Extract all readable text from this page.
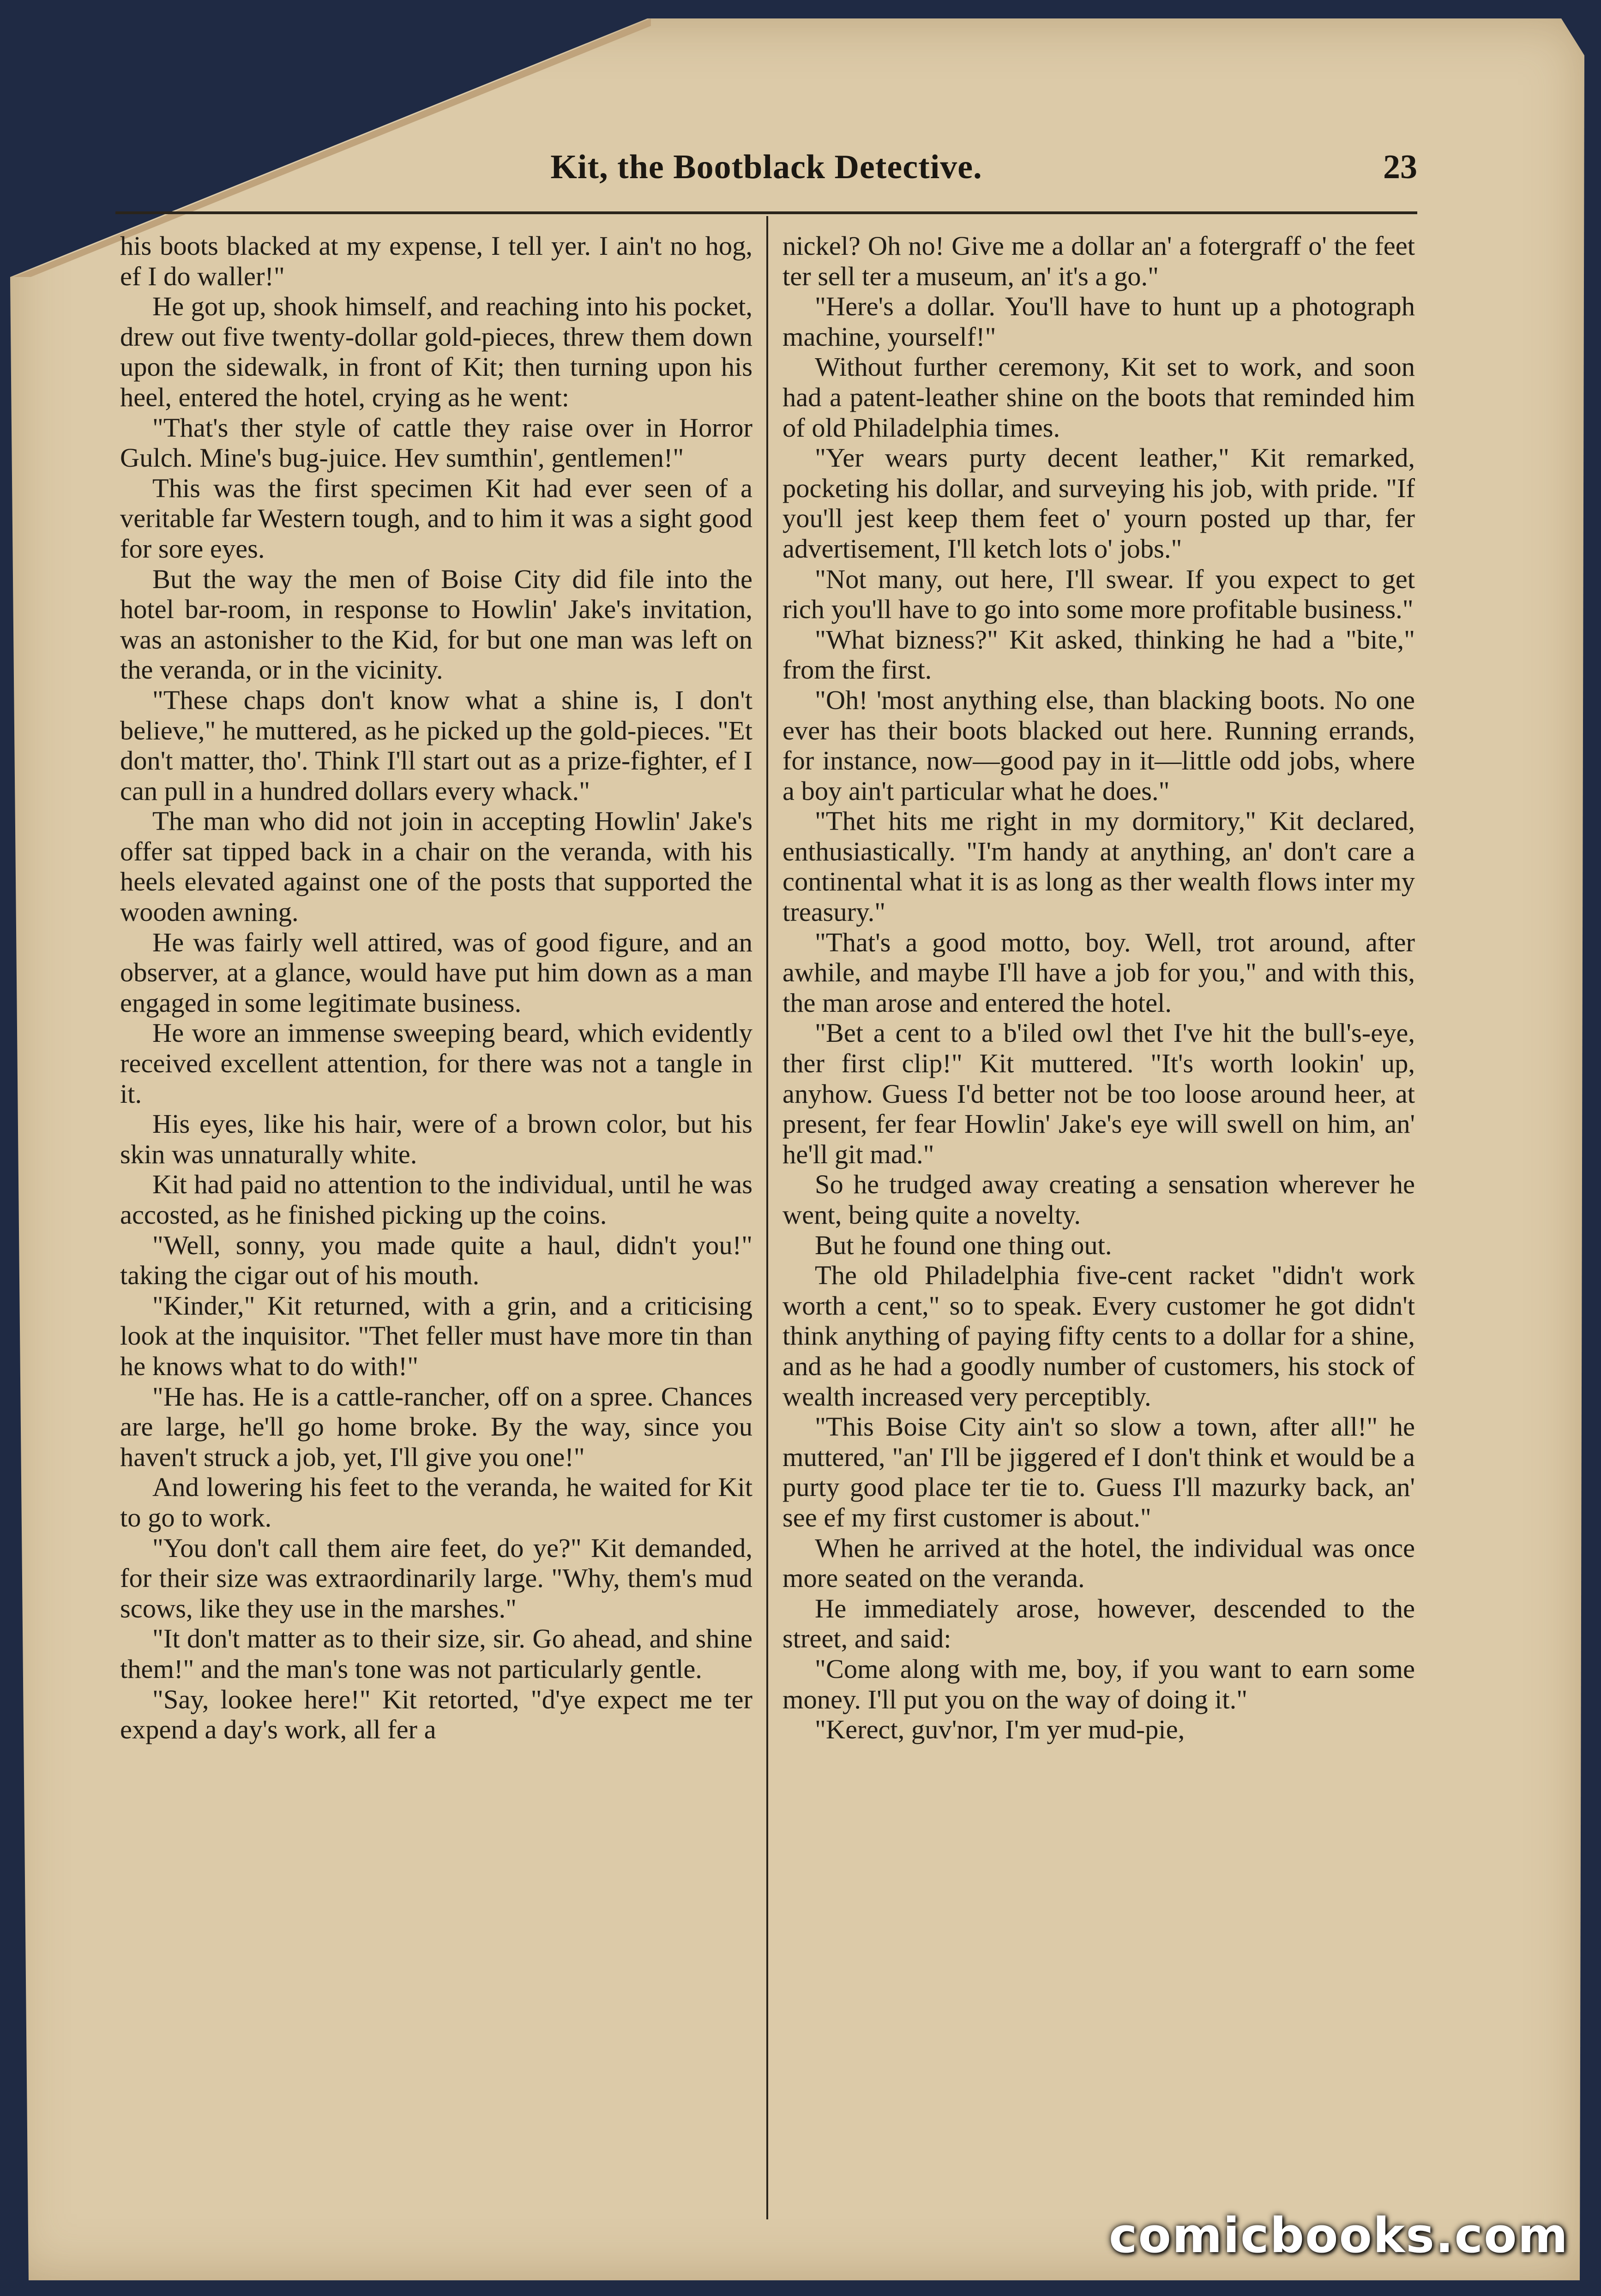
Kit, the Bootblack Detective.	23

his boots blacked at my expense, I tell yer. I ain't no hog, ef I do waller!"

He got up, shook himself, and reaching into his pocket, drew out five twenty-dollar gold-pieces, threw them down upon the sidewalk, in front of Kit; then turning upon his heel, entered the hotel, crying as he went:

"That's ther style of cattle they raise over in Horror Gulch. Mine's bug-juice. Hev sumthin', gentlemen!"

This was the first specimen Kit had ever seen of a veritable far Western tough, and to him it was a sight good for sore eyes.

But the way the men of Boise City did file into the hotel bar-room, in response to Howlin' Jake's invitation, was an astonisher to the Kid, for but one man was left on the veranda, or in the vicinity.

"These chaps don't know what a shine is, I don't believe," he muttered, as he picked up the gold-pieces. "Et don't matter, tho'. Think I'll start out as a prize-fighter, ef I can pull in a hundred dollars every whack."

The man who did not join in accepting Howlin' Jake's offer sat tipped back in a chair on the veranda, with his heels elevated against one of the posts that supported the wooden awning.

He was fairly well attired, was of good figure, and an observer, at a glance, would have put him down as a man engaged in some legitimate business.

He wore an immense sweeping beard, which evidently received excellent attention, for there was not a tangle in it.

His eyes, like his hair, were of a brown color, but his skin was unnaturally white.

Kit had paid no attention to the individual, until he was accosted, as he finished picking up the coins.

"Well, sonny, you made quite a haul, didn't you!" taking the cigar out of his mouth.

"Kinder," Kit returned, with a grin, and a criticising look at the inquisitor. "Thet feller must have more tin than he knows what to do with!"

"He has. He is a cattle-rancher, off on a spree. Chances are large, he'll go home broke. By the way, since you haven't struck a job, yet, I'll give you one!"

And lowering his feet to the veranda, he waited for Kit to go to work.

"You don't call them aire feet, do ye?" Kit demanded, for their size was extraordinarily large. "Why, them's mud scows, like they use in the marshes."

"It don't matter as to their size, sir. Go ahead, and shine them!" and the man's tone was not particularly gentle.

"Say, lookee here!" Kit retorted, "d'ye expect me ter expend a day's work, all fer a

nickel? Oh no! Give me a dollar an' a fotergraff o' the feet ter sell ter a museum, an' it's a go."

"Here's a dollar. You'll have to hunt up a photograph machine, yourself!"

Without further ceremony, Kit set to work, and soon had a patent-leather shine on the boots that reminded him of old Philadelphia times.

"Yer wears purty decent leather," Kit remarked, pocketing his dollar, and surveying his job, with pride. "If you'll jest keep them feet o' yourn posted up thar, fer advertisement, I'll ketch lots o' jobs."

"Not many, out here, I'll swear. If you expect to get rich you'll have to go into some more profitable business."

"What bizness?" Kit asked, thinking he had a "bite," from the first.

"Oh! 'most anything else, than blacking boots. No one ever has their boots blacked out here. Running errands, for instance, now—good pay in it—little odd jobs, where a boy ain't particular what he does."

"Thet hits me right in my dormitory," Kit declared, enthusiastically. "I'm handy at anything, an' don't care a continental what it is as long as ther wealth flows inter my treasury."

"That's a good motto, boy. Well, trot around, after awhile, and maybe I'll have a job for you," and with this, the man arose and entered the hotel.

"Bet a cent to a b'iled owl thet I've hit the bull's-eye, ther first clip!" Kit muttered. "It's worth lookin' up, anyhow. Guess I'd better not be too loose around heer, at present, fer fear Howlin' Jake's eye will swell on him, an' he'll git mad."

So he trudged away creating a sensation wherever he went, being quite a novelty.

But he found one thing out.

The old Philadelphia five-cent racket "didn't work worth a cent," so to speak. Every customer he got didn't think anything of paying fifty cents to a dollar for a shine, and as he had a goodly number of customers, his stock of wealth increased very perceptibly.

"This Boise City ain't so slow a town, after all!" he muttered, "an' I'll be jiggered ef I don't think et would be a purty good place ter tie to. Guess I'll mazurky back, an' see ef my first customer is about."

When he arrived at the hotel, the individual was once more seated on the veranda.

He immediately arose, however, descended to the street, and said:

"Come along with me, boy, if you want to earn some money. I'll put you on the way of doing it."

"Kerect, guv'nor, I'm yer mud-pie,

comicbooks.com
